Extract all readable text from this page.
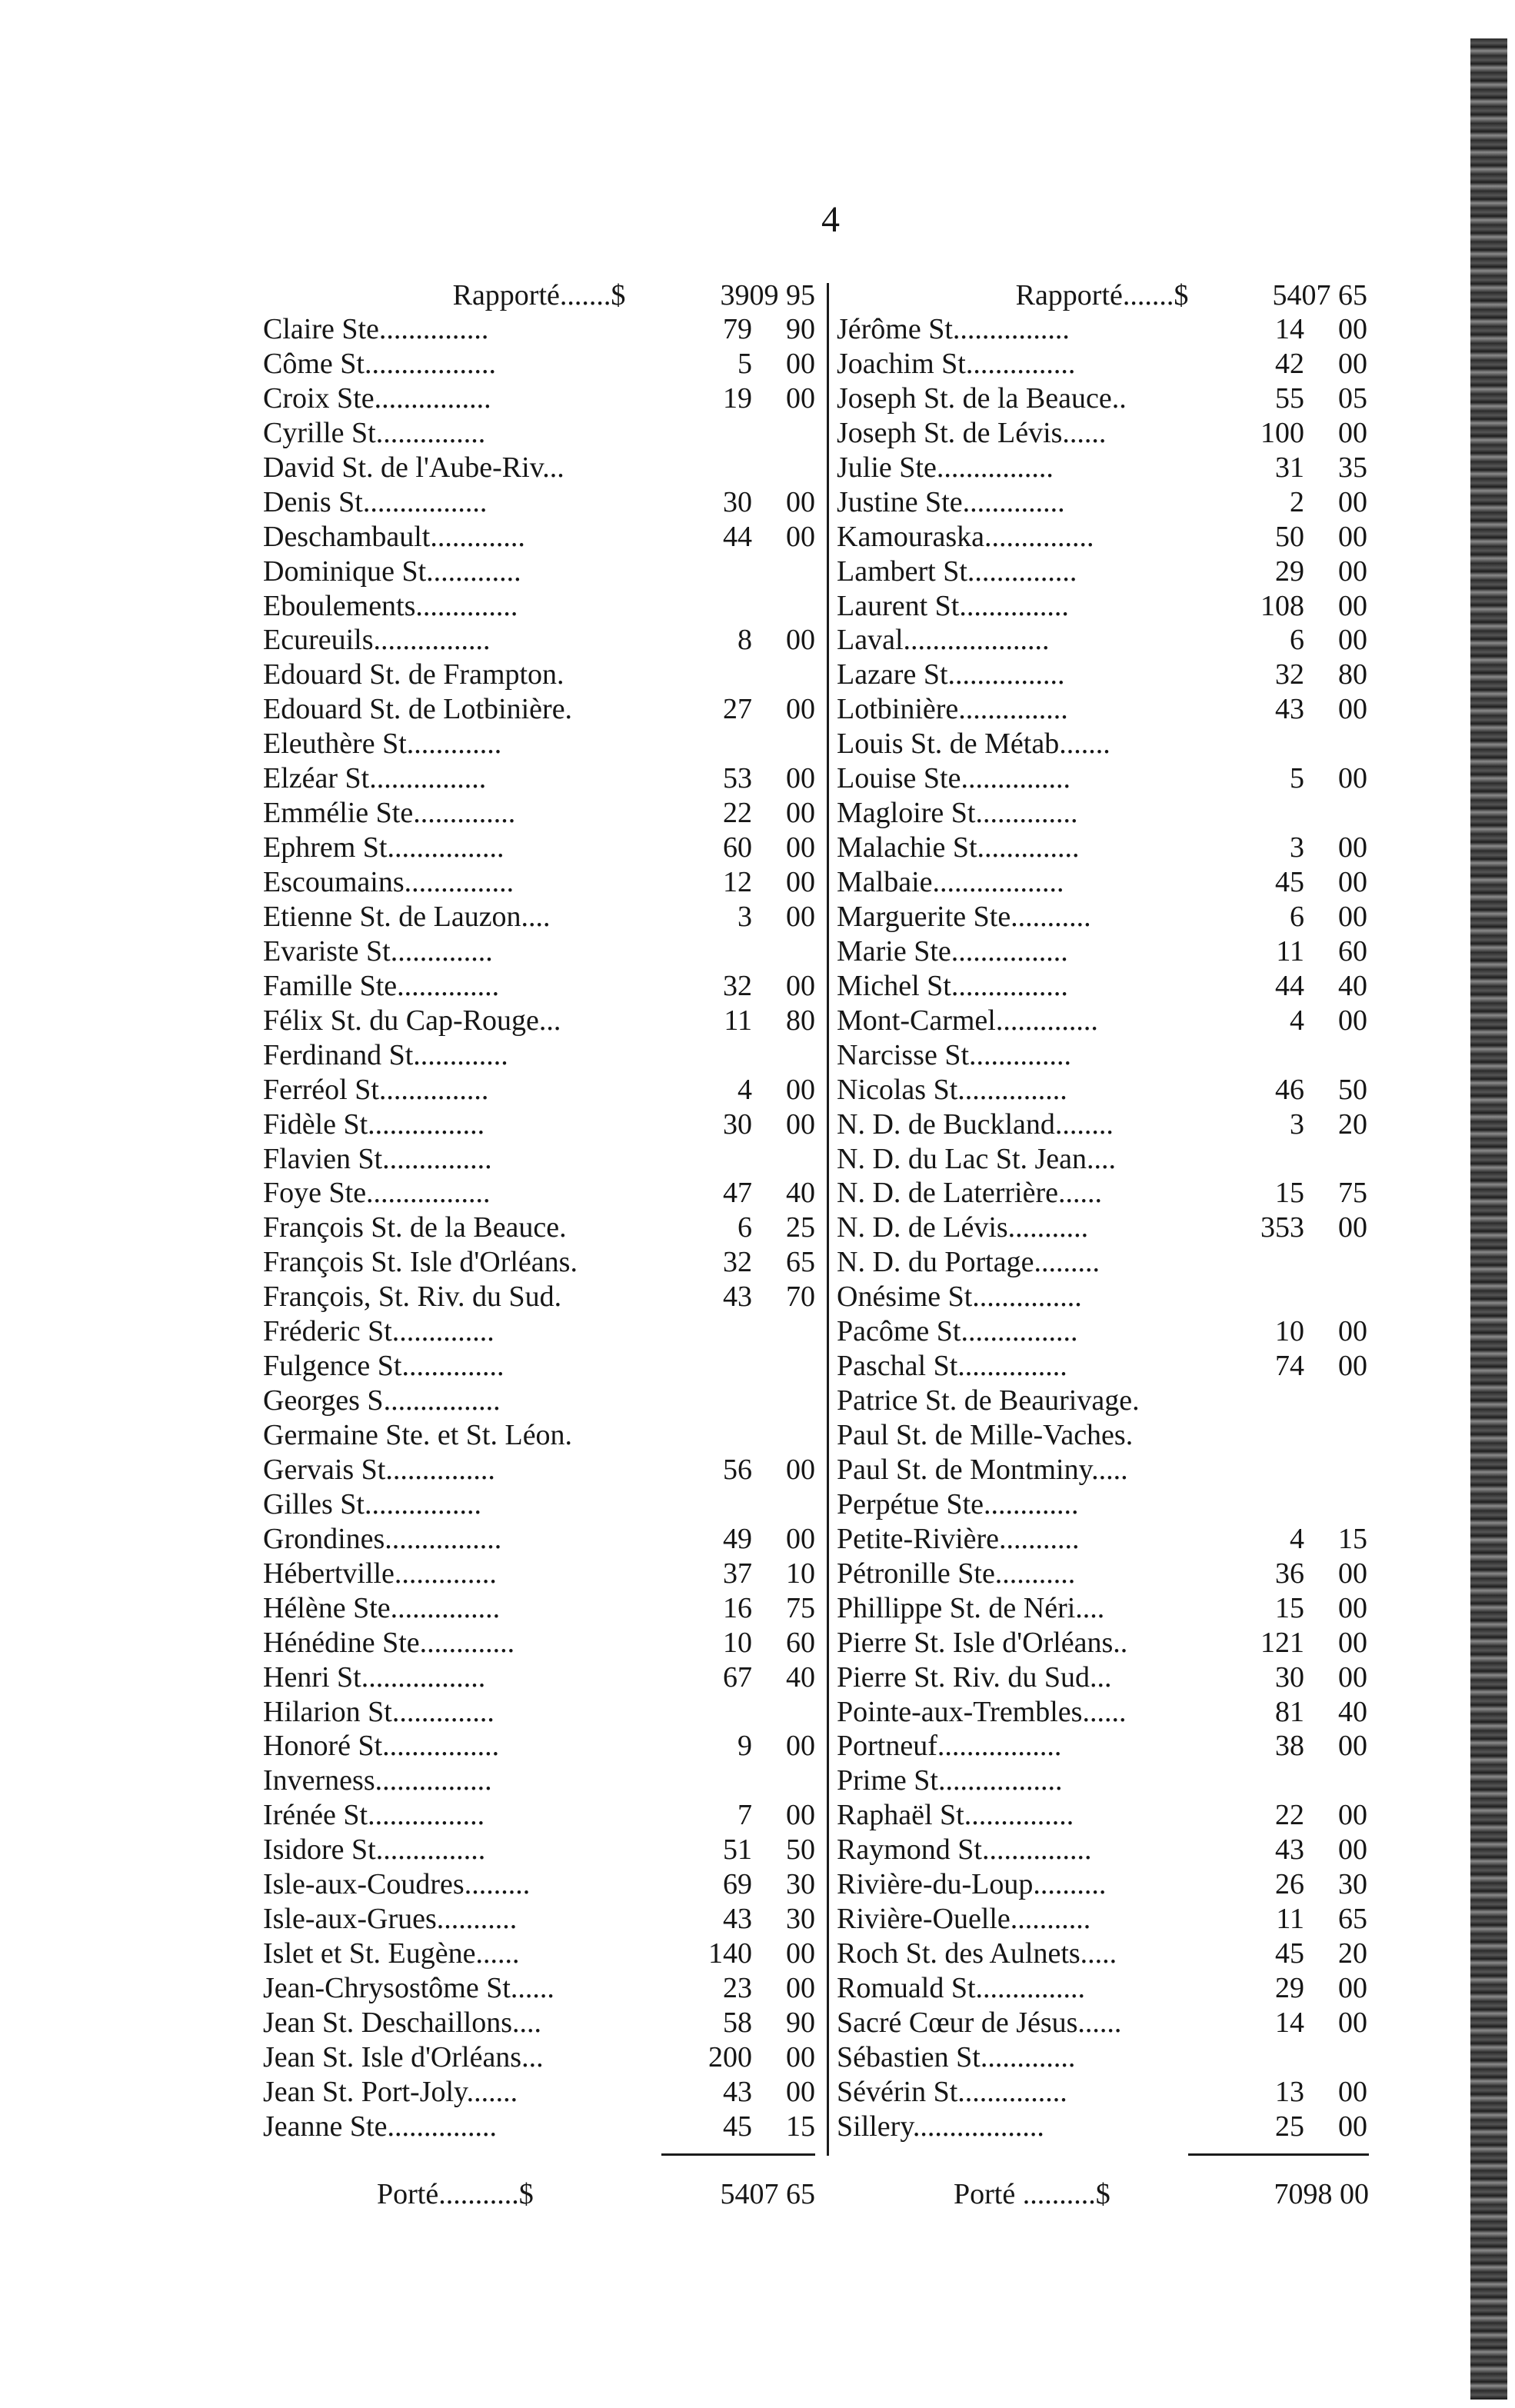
4
Rapporté.......$	3909 95
Claire Ste...............	79	90
Côme St..................	5	00
Croix Ste................	19	00
Cyrille St...............
David St. de l'Aube-Riv...
Denis St.................	30	00
Deschambault.............	44	00
Dominique St.............
Eboulements..............
Ecureuils................	8	00
Edouard St. de Frampton.
Edouard St. de Lotbinière.	27	00
Eleuthère St.............
Elzéar St................	53	00
Emmélie Ste..............	22	00
Ephrem St................	60	00
Escoumains...............	12	00
Etienne St. de Lauzon....	3	00
Evariste St..............
Famille Ste..............	32	00
Félix St. du Cap-Rouge...	11	80
Ferdinand St.............
Ferréol St...............	4	00
Fidèle St................	30	00
Flavien St...............
Foye Ste.................	47	40
François St. de la Beauce.	6	25
François St. Isle d'Orléans.	32	65
François, St. Riv. du Sud.	43	70
Fréderic St..............
Fulgence St..............
Georges S................
Germaine Ste. et St. Léon.
Gervais St...............	56	00
Gilles St................
Grondines................	49	00
Hébertville..............	37	10
Hélène Ste...............	16	75
Hénédine Ste.............	10	60
Henri St.................	67	40
Hilarion St..............
Honoré St................	9	00
Inverness................
Irénée St................	7	00
Isidore St...............	51	50
Isle-aux-Coudres.........	69	30
Isle-aux-Grues...........	43	30
Islet et St. Eugène......	140	00
Jean-Chrysostôme St......	23	00
Jean St. Deschaillons....	58	90
Jean St. Isle d'Orléans...	200	00
Jean St. Port-Joly.......	43	00
Jeanne Ste...............	45	15
Rapporté.......$	5407 65
Jérôme St................	14	00
Joachim St...............	42	00
Joseph St. de la Beauce..	55	05
Joseph St. de Lévis......	100	00
Julie Ste................	31	35
Justine Ste..............	2	00
Kamouraska...............	50	00
Lambert St...............	29	00
Laurent St...............	108	00
Laval....................	6	00
Lazare St................	32	80
Lotbinière...............	43	00
Louis St. de Métab.......
Louise Ste...............	5	00
Magloire St..............
Malachie St..............	3	00
Malbaie..................	45	00
Marguerite Ste...........	6	00
Marie Ste................	11	60
Michel St................	44	40
Mont-Carmel..............	4	00
Narcisse St..............
Nicolas St...............	46	50
N. D. de Buckland........	3	20
N. D. du Lac St. Jean....
N. D. de Laterrière......	15	75
N. D. de Lévis...........	353	00
N. D. du Portage.........
Onésime St...............
Pacôme St................	10	00
Paschal St...............	74	00
Patrice St. de Beaurivage.
Paul St. de Mille-Vaches.
Paul St. de Montminy.....
Perpétue Ste.............
Petite-Rivière...........	4	15
Pétronille Ste...........	36	00
Phillippe St. de Néri....	15	00
Pierre St. Isle d'Orléans..	121	00
Pierre St. Riv. du Sud...	30	00
Pointe-aux-Trembles......	81	40
Portneuf.................	38	00
Prime St.................
Raphaël St...............	22	00
Raymond St...............	43	00
Rivière-du-Loup..........	26	30
Rivière-Ouelle...........	11	65
Roch St. des Aulnets.....	45	20
Romuald St...............	29	00
Sacré Cœur de Jésus......	14	00
Sébastien St.............
Sévérin St...............	13	00
Sillery..................	25	00
Porté...........$	5407 65	Porté ..........$	7098 00
